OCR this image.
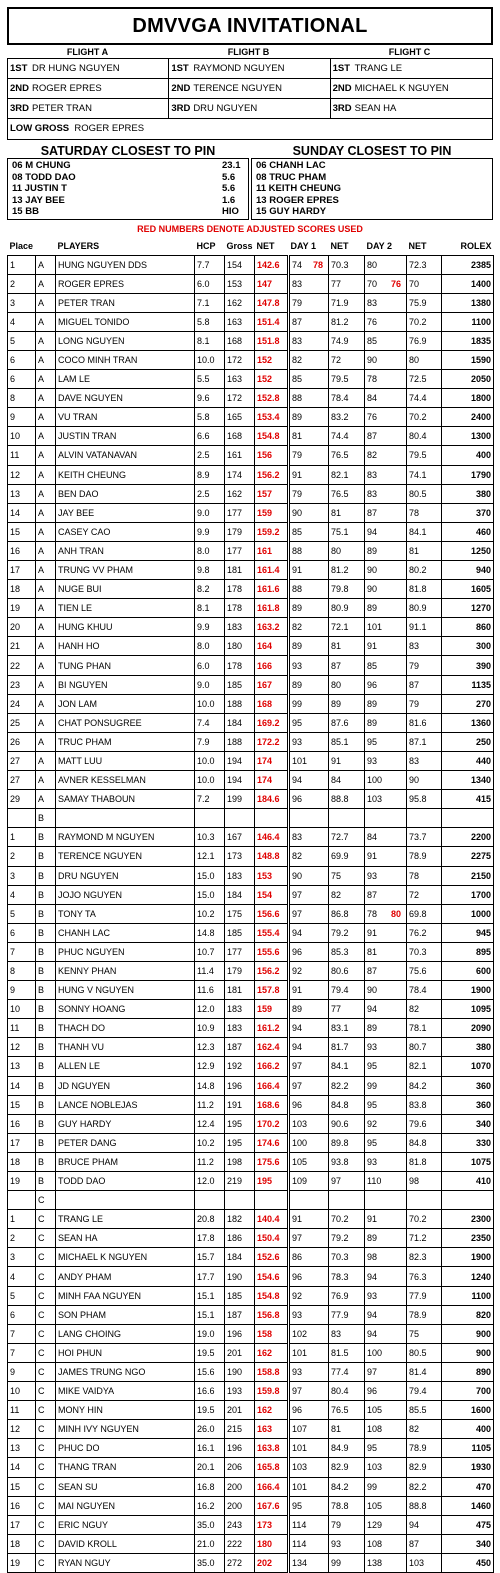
DMVVGA INVITATIONAL
FLIGHT A	FLIGHT B	FLIGHT C
1ST DR HUNG NGUYEN	1ST RAYMOND NGUYEN	1ST TRANG LE
2ND ROGER EPRES	2ND TERENCE NGUYEN	2ND MICHAEL K NGUYEN
3RD PETER TRAN	3RD DRU NGUYEN	3RD SEAN HA
LOW GROSS ROGER EPRES
SATURDAY CLOSEST TO PIN
06 M CHUNG	23.1
08 TODD DAO	5.6
11 JUSTIN T	5.6
13 JAY BEE	1.6
15 BB	HIO
SUNDAY CLOSEST TO PIN
06 CHANH LAC
08 TRUC PHAM
11 KEITH CHEUNG
13 ROGER EPRES
15 GUY HARDY
RED NUMBERS DENOTE ADJUSTED SCORES USED
Place		PLAYERS	HCP	Gross	NET	DAY 1	NET	DAY 2	NET	ROLEX
1	A	HUNG NGUYEN DDS	7.7	154	142.6	74 78	70.3	80	72.3	2385
2	A	ROGER EPRES	6.0	153	147	83	77	70 76	70	1400
3	A	PETER TRAN	7.1	162	147.8	79	71.9	83	75.9	1380
4	A	MIGUEL TONIDO	5.8	163	151.4	87	81.2	76	70.2	1100
5	A	LONG NGUYEN	8.1	168	151.8	83	74.9	85	76.9	1835
6	A	COCO MINH TRAN	10.0	172	152	82	72	90	80	1590
6	A	LAM LE	5.5	163	152	85	79.5	78	72.5	2050
8	A	DAVE NGUYEN	9.6	172	152.8	88	78.4	84	74.4	1800
9	A	VU TRAN	5.8	165	153.4	89	83.2	76	70.2	2400
10	A	JUSTIN TRAN	6.6	168	154.8	81	74.4	87	80.4	1300
11	A	ALVIN VATANAVAN	2.5	161	156	79	76.5	82	79.5	400
12	A	KEITH CHEUNG	8.9	174	156.2	91	82.1	83	74.1	1790
13	A	BEN DAO	2.5	162	157	79	76.5	83	80.5	380
14	A	JAY BEE	9.0	177	159	90	81	87	78	370
15	A	CASEY CAO	9.9	179	159.2	85	75.1	94	84.1	460
16	A	ANH TRAN	8.0	177	161	88	80	89	81	1250
17	A	TRUNG VV PHAM	9.8	181	161.4	91	81.2	90	80.2	940
18	A	NUGE BUI	8.2	178	161.6	88	79.8	90	81.8	1605
19	A	TIEN LE	8.1	178	161.8	89	80.9	89	80.9	1270
20	A	HUNG KHUU	9.9	183	163.2	82	72.1	101	91.1	860
21	A	HANH HO	8.0	180	164	89	81	91	83	300
22	A	TUNG PHAN	6.0	178	166	93	87	85	79	390
23	A	BI NGUYEN	9.0	185	167	89	80	96	87	1135
24	A	JON LAM	10.0	188	168	99	89	89	79	270
25	A	CHAT PONSUGREE	7.4	184	169.2	95	87.6	89	81.6	1360
26	A	TRUC PHAM	7.9	188	172.2	93	85.1	95	87.1	250
27	A	MATT LUU	10.0	194	174	101	91	93	83	440
27	A	AVNER KESSELMAN	10.0	194	174	94	84	100	90	1340
29	A	SAMAY THABOUN	7.2	199	184.6	96	88.8	103	95.8	415
	B					

1	B	RAYMOND M NGUYEN	10.3	167	146.4	83	72.7	84	73.7	2200
2	B	TERENCE NGUYEN	12.1	173	148.8	82	69.9	91	78.9	2275
3	B	DRU NGUYEN	15.0	183	153	90	75	93	78	2150
4	B	JOJO NGUYEN	15.0	184	154	97	82	87	72	1700
5	B	TONY TA	10.2	175	156.6	97	86.8	78 80	69.8	1000
6	B	CHANH LAC	14.8	185	155.4	94	79.2	91	76.2	945
7	B	PHUC NGUYEN	10.7	177	155.6	96	85.3	81	70.3	895
8	B	KENNY PHAN	11.4	179	156.2	92	80.6	87	75.6	600
9	B	HUNG V NGUYEN	11.6	181	157.8	91	79.4	90	78.4	1900
10	B	SONNY HOANG	12.0	183	159	89	77	94	82	1095
11	B	THACH DO	10.9	183	161.2	94	83.1	89	78.1	2090
12	B	THANH VU	12.3	187	162.4	94	81.7	93	80.7	380
13	B	ALLEN LE	12.9	192	166.2	97	84.1	95	82.1	1070
14	B	JD NGUYEN	14.8	196	166.4	97	82.2	99	84.2	360
15	B	LANCE NOBLEJAS	11.2	191	168.6	96	84.8	95	83.8	360
16	B	GUY HARDY	12.4	195	170.2	103	90.6	92	79.6	340
17	B	PETER DANG	10.2	195	174.6	100	89.8	95	84.8	330
18	B	BRUCE PHAM	11.2	198	175.6	105	93.8	93	81.8	1075
19	B	TODD DAO	12.0	219	195	109	97	110	98	410
	C					

1	C	TRANG LE	20.8	182	140.4	91	70.2	91	70.2	2300
2	C	SEAN HA	17.8	186	150.4	97	79.2	89	71.2	2350
3	C	MICHAEL K NGUYEN	15.7	184	152.6	86	70.3	98	82.3	1900
4	C	ANDY PHAM	17.7	190	154.6	96	78.3	94	76.3	1240
5	C	MINH FAA NGUYEN	15.1	185	154.8	92	76.9	93	77.9	1100
6	C	SON PHAM	15.1	187	156.8	93	77.9	94	78.9	820
7	C	LANG CHOING	19.0	196	158	102	83	94	75	900
7	C	HOI PHUN	19.5	201	162	101	81.5	100	80.5	900
9	C	JAMES TRUNG NGO	15.6	190	158.8	93	77.4	97	81.4	890
10	C	MIKE VAIDYA	16.6	193	159.8	97	80.4	96	79.4	700
11	C	MONY HIN	19.5	201	162	96	76.5	105	85.5	1600
12	C	MINH IVY NGUYEN	26.0	215	163	107	81	108	82	400
13	C	PHUC DO	16.1	196	163.8	101	84.9	95	78.9	1105
14	C	THANG TRAN	20.1	206	165.8	103	82.9	103	82.9	1930
15	C	SEAN SU	16.8	200	166.4	101	84.2	99	82.2	470
16	C	MAI NGUYEN	16.2	200	167.6	95	78.8	105	88.8	1460
17	C	ERIC NGUY	35.0	243	173	114	79	129	94	475
18	C	DAVID KROLL	21.0	222	180	114	93	108	87	340
19	C	RYAN NGUY	35.0	272	202	134	99	138	103	450
